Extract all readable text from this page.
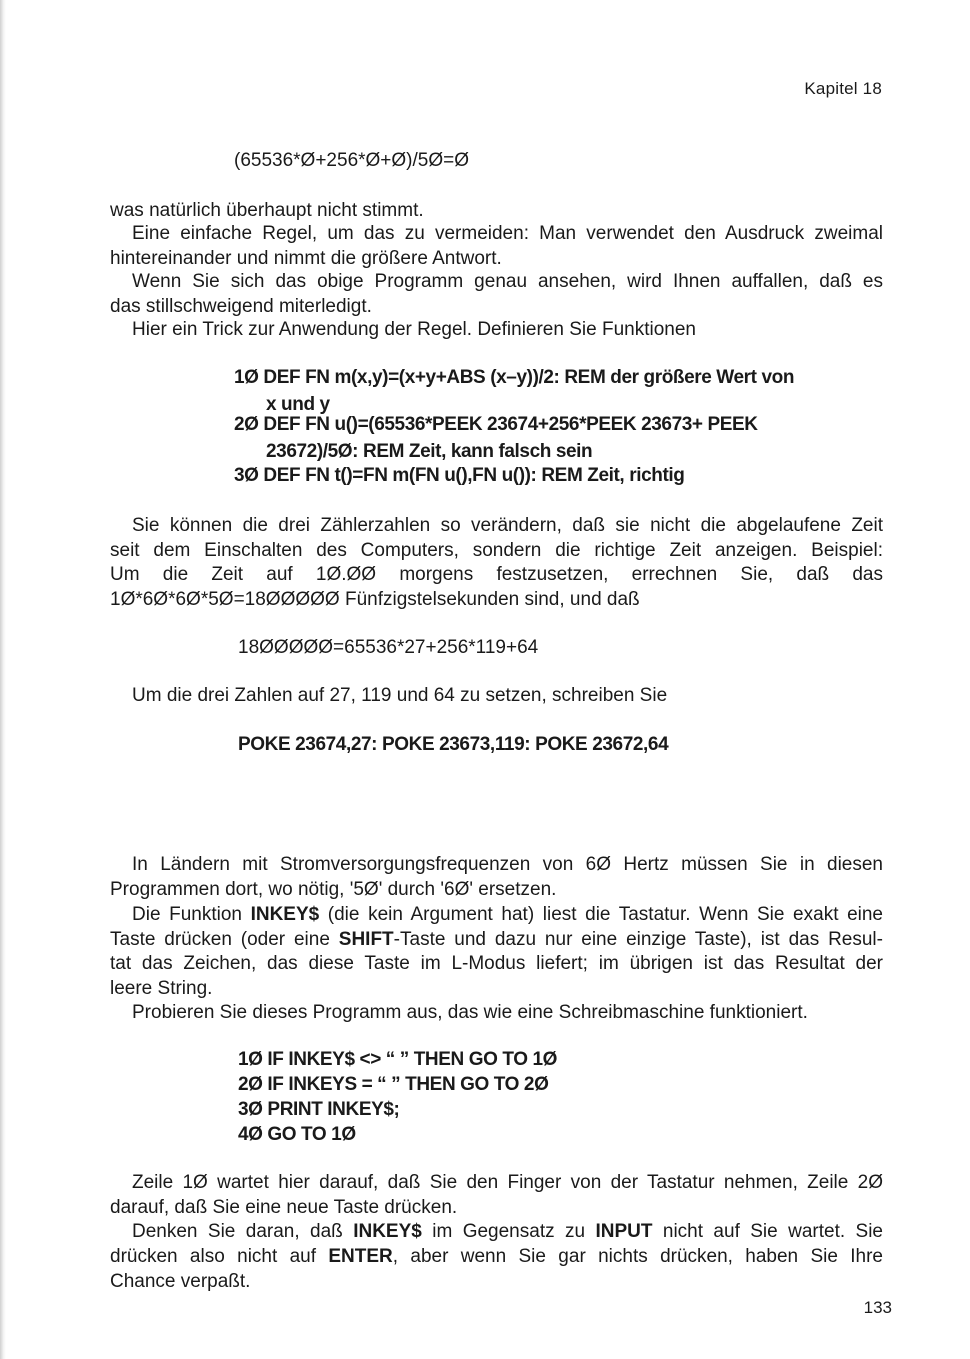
Kapitel 18
(65536*Ø+256*Ø+Ø)/5Ø=Ø
was natürlich überhaupt nicht stimmt.
Eine einfache Regel, um das zu vermeiden: Man verwendet den Ausdruck zweimal
hintereinander und nimmt die größere Antwort.
Wenn Sie sich das obige Programm genau ansehen, wird Ihnen auffallen, daß es
das stillschweigend miterledigt.
Hier ein Trick zur Anwendung der Regel. Definieren Sie Funktionen
1Ø DEF FN m(x,y)=(x+y+ABS (x–y))/2: REM der größere Wert von
x und y
2Ø DEF FN u()=(65536*PEEK 23674+256*PEEK 23673+ PEEK
23672)/5Ø: REM Zeit, kann falsch sein
3Ø DEF FN t()=FN m(FN u(),FN u()): REM Zeit, richtig
Sie können die drei Zählerzahlen so verändern, daß sie nicht die abgelaufene Zeit
seit dem Einschalten des Computers, sondern die richtige Zeit anzeigen. Beispiel:
Um die Zeit auf 1Ø.ØØ morgens festzusetzen, errechnen Sie, daß das
1Ø*6Ø*6Ø*5Ø=18ØØØØØ Fünfzigstelsekunden sind, und daß
18ØØØØØ=65536*27+256*119+64
Um die drei Zahlen auf 27, 119 und 64 zu setzen, schreiben Sie
POKE 23674,27: POKE 23673,119: POKE 23672,64
In Ländern mit Stromversorgungsfrequenzen von 6Ø Hertz müssen Sie in diesen
Programmen dort, wo nötig, '5Ø' durch '6Ø' ersetzen.
Die Funktion INKEY$ (die kein Argument hat) liest die Tastatur. Wenn Sie exakt eine
Taste drücken (oder eine SHIFT-Taste und dazu nur eine einzige Taste), ist das Resul-
tat das Zeichen, das diese Taste im L-Modus liefert; im übrigen ist das Resultat der
leere String.
Probieren Sie dieses Programm aus, das wie eine Schreibmaschine funktioniert.
1Ø IF INKEY$ <> “ ” THEN GO TO 1Ø
2Ø IF INKEYS = “ ” THEN GO TO 2Ø
3Ø PRINT INKEY$;
4Ø GO TO 1Ø
Zeile 1Ø wartet hier darauf, daß Sie den Finger von der Tastatur nehmen, Zeile 2Ø
darauf, daß Sie eine neue Taste drücken.
Denken Sie daran, daß INKEY$ im Gegensatz zu INPUT nicht auf Sie wartet. Sie
drücken also nicht auf ENTER, aber wenn Sie gar nichts drücken, haben Sie Ihre
Chance verpaßt.
133
